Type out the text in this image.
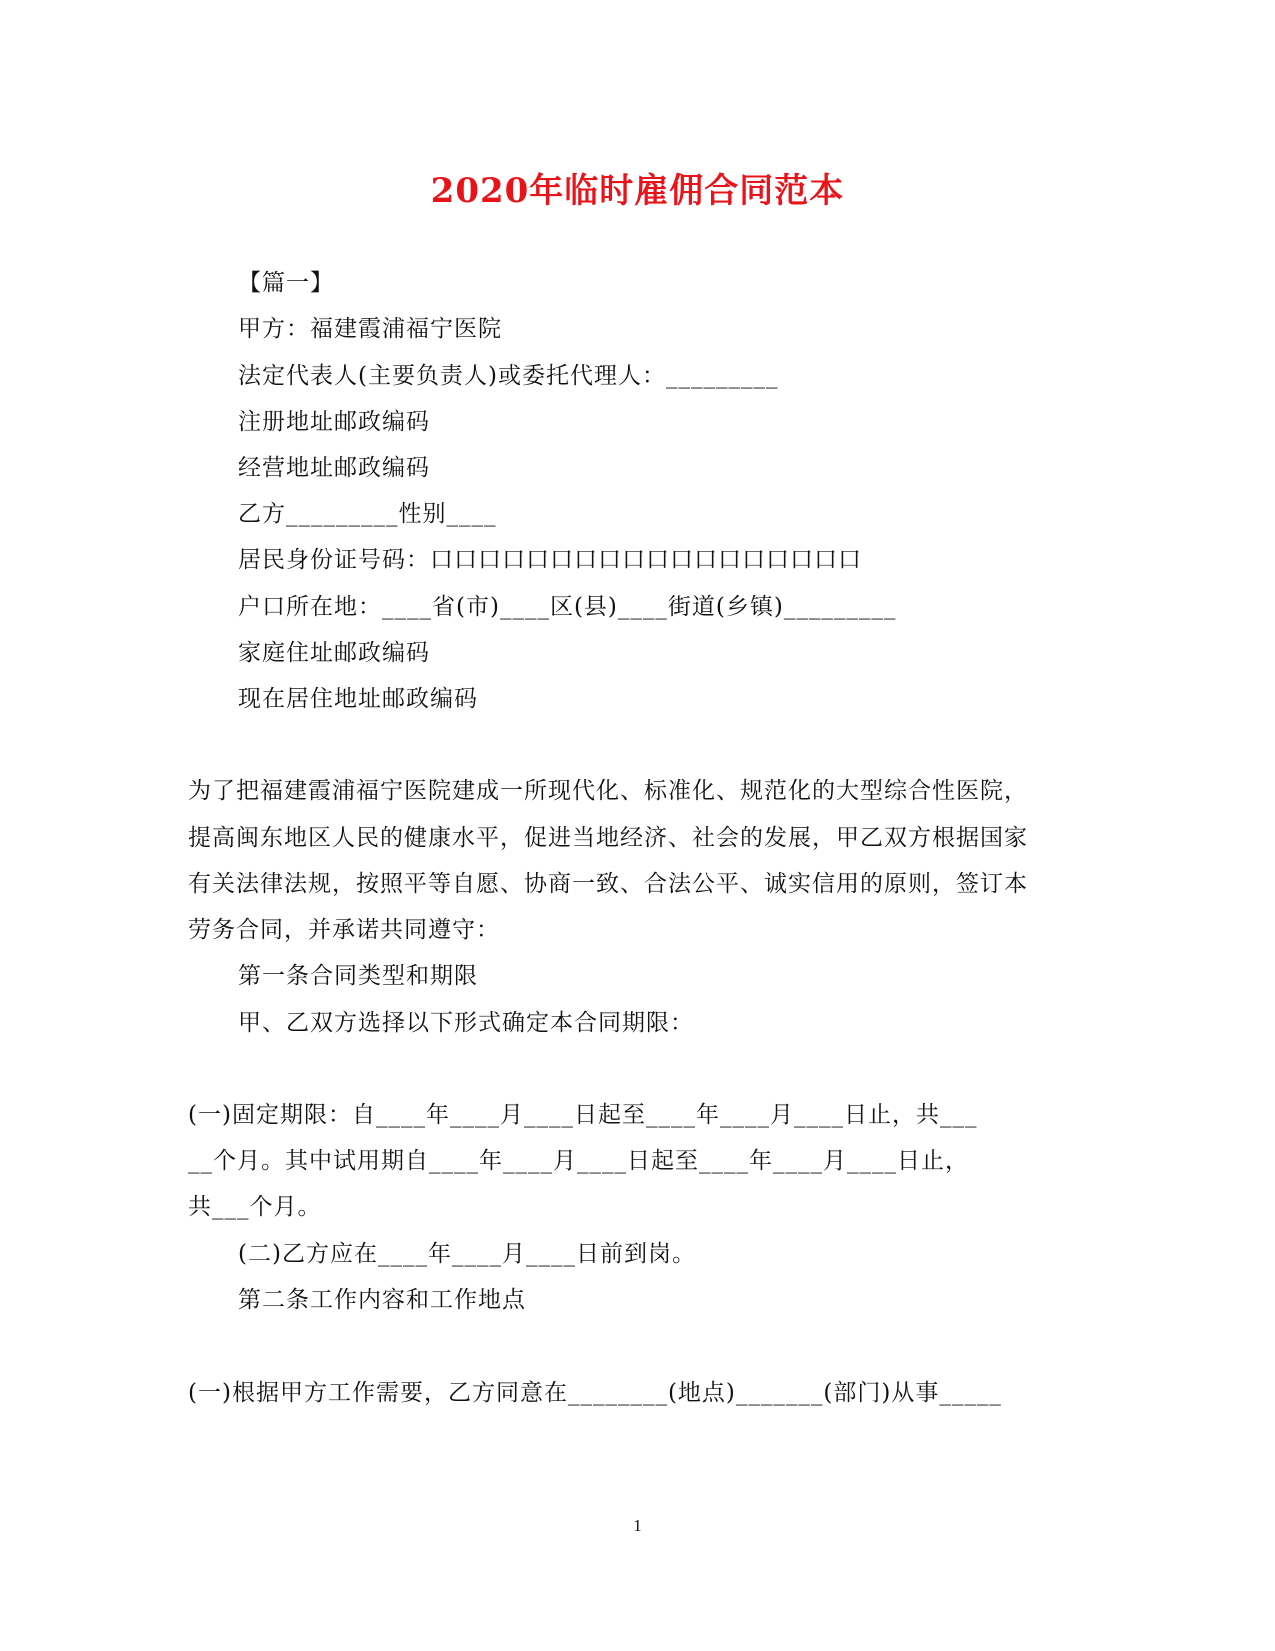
2020年临时雇佣合同范本
【篇一】
甲方：福建霞浦福宁医院
法定代表人(主要负责人)或委托代理人：_________
注册地址邮政编码
经营地址邮政编码
乙方_________性别____
居民身份证号码：口口口口口口口口口口口口口口口口口口
户口所在地：____省(市)____区(县)____街道(乡镇)_________
家庭住址邮政编码
现在居住地址邮政编码
为了把福建霞浦福宁医院建成一所现代化、标准化、规范化的大型综合性医院，
提高闽东地区人民的健康水平，促进当地经济、社会的发展，甲乙双方根据国家
有关法律法规，按照平等自愿、协商一致、合法公平、诚实信用的原则，签订本
劳务合同，并承诺共同遵守：
第一条合同类型和期限
甲、乙双方选择以下形式确定本合同期限：
(一)固定期限：自____年____月____日起至____年____月____日止，共___
__个月。其中试用期自____年____月____日起至____年____月____日止，
共___个月。
(二)乙方应在____年____月____日前到岗。
第二条工作内容和工作地点
(一)根据甲方工作需要，乙方同意在________(地点)_______(部门)从事_____
1
